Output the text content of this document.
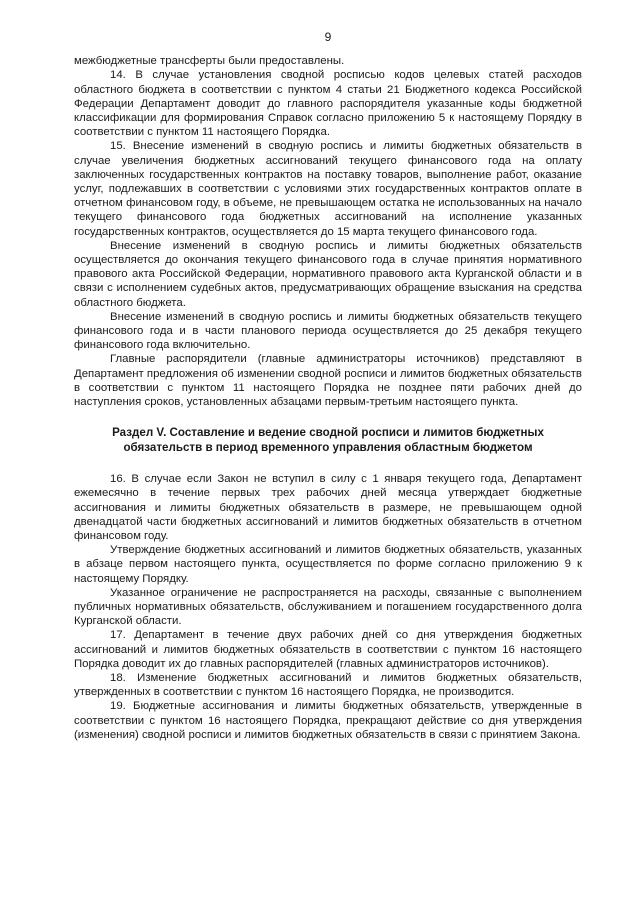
9

межбюджетные трансферты были предоставлены.

14. В случае установления сводной росписью кодов целевых статей расходов областного бюджета в соответствии с пунктом 4 статьи 21 Бюджетного кодекса Российской Федерации Департамент доводит до главного распорядителя указанные коды бюджетной классификации для формирования Справок согласно приложению 5 к настоящему Порядку в соответствии с пунктом 11 настоящего Порядка.

15. Внесение изменений в сводную роспись и лимиты бюджетных обязательств в случае увеличения бюджетных ассигнований текущего финансового года на оплату заключенных государственных контрактов на поставку товаров, выполнение работ, оказание услуг, подлежавших в соответствии с условиями этих государственных контрактов оплате в отчетном финансовом году, в объеме, не превышающем остатка не использованных на начало текущего финансового года бюджетных ассигнований на исполнение указанных государственных контрактов, осуществляется до 15 марта текущего финансового года.

Внесение изменений в сводную роспись и лимиты бюджетных обязательств осуществляется до окончания текущего финансового года в случае принятия нормативного правового акта Российской Федерации, нормативного правового акта Курганской области и в связи с исполнением судебных актов, предусматривающих обращение взыскания на средства областного бюджета.

Внесение изменений в сводную роспись и лимиты бюджетных обязательств текущего финансового года и в части планового периода осуществляется до 25 декабря текущего финансового года включительно.

Главные распорядители (главные администраторы источников) представляют в Департамент предложения об изменении сводной росписи и лимитов бюджетных обязательств в соответствии с пунктом 11 настоящего Порядка не позднее пяти рабочих дней до наступления сроков, установленных абзацами первым-третьим настоящего пункта.

Раздел V. Составление и ведение сводной росписи и лимитов бюджетных обязательств в период временного управления областным бюджетом

16. В случае если Закон не вступил в силу с 1 января текущего года, Департамент ежемесячно в течение первых трех рабочих дней месяца утверждает бюджетные ассигнования и лимиты бюджетных обязательств в размере, не превышающем одной двенадцатой части бюджетных ассигнований и лимитов бюджетных обязательств в отчетном финансовом году.

Утверждение бюджетных ассигнований и лимитов бюджетных обязательств, указанных в абзаце первом настоящего пункта, осуществляется по форме согласно приложению 9 к настоящему Порядку.

Указанное ограничение не распространяется на расходы, связанные с выполнением публичных нормативных обязательств, обслуживанием и погашением государственного долга Курганской области.

17. Департамент в течение двух рабочих дней со дня утверждения бюджетных ассигнований и лимитов бюджетных обязательств в соответствии с пунктом 16 настоящего Порядка доводит их до главных распорядителей (главных администраторов источников).

18. Изменение бюджетных ассигнований и лимитов бюджетных обязательств, утвержденных в соответствии с пунктом 16 настоящего Порядка, не производится.

19. Бюджетные ассигнования и лимиты бюджетных обязательств, утвержденные в соответствии с пунктом 16 настоящего Порядка, прекращают действие со дня утверждения (изменения) сводной росписи и лимитов бюджетных обязательств в связи с принятием Закона.
